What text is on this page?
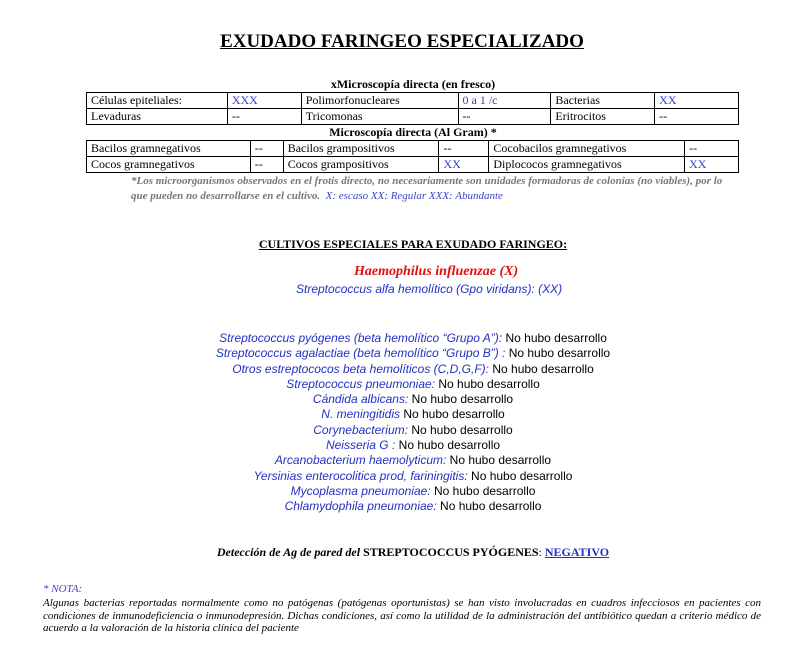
EXUDADO FARINGEO ESPECIALIZADO
xMicroscopía directa (en fresco)
Células epiteliales:	XXX	Polimorfonucleares	0 a 1 /c	Bacterias	XX
Levaduras	--	Tricomonas	--	Eritrocitos	--
Microscopía directa (Al Gram) *
Bacilos gramnegativos	--	Bacilos grampositivos	--	Cocobacilos gramnegativos	--
Cocos gramnegativos	--	Cocos grampositivos	XX	Diplococos gramnegativos	XX
*Los microorganismos observados en el frotis directo, no necesariamente son unidades formadoras de colonias (no viables), por lo que pueden no desarrollarse en el cultivo. X: escaso XX: Regular XXX: Abundante
CULTIVOS ESPECIALES PARA EXUDADO FARINGEO:
Haemophilus influenzae (X)
Streptococcus alfa hemolítico (Gpo viridans): (XX)
Streptococcus pyógenes (beta hemolítico “Grupo A”): No hubo desarrollo
Streptococcus agalactiae (beta hemolítico “Grupo B”) : No hubo desarrollo
Otros estreptococos beta hemolíticos (C,D,G,F): No hubo desarrollo
Streptococcus pneumoniae: No hubo desarrollo
Cándida albicans: No hubo desarrollo
N. meningitidis No hubo desarrollo
Corynebacterium: No hubo desarrollo
Neisseria G : No hubo desarrollo
Arcanobacterium haemolyticum: No hubo desarrollo
Yersinias enterocolitica prod, fariningitis: No hubo desarrollo
Mycoplasma pneumoniae: No hubo desarrollo
Chlamydophila pneumoniae: No hubo desarrollo
Detección de Ag de pared del STREPTOCOCCUS PYÓGENES: NEGATIVO
* NOTA:
Algunas bacterias reportadas normalmente como no patógenas (patógenas oportunistas) se han visto involucradas en cuadros infecciosos en pacientes con condiciones de inmunodeficiencia o inmunodepresión. Dichas condiciones, así como la utilidad de la administración del antibiótico quedan a criterio médico de acuerdo a la valoración de la historia clínica del paciente
